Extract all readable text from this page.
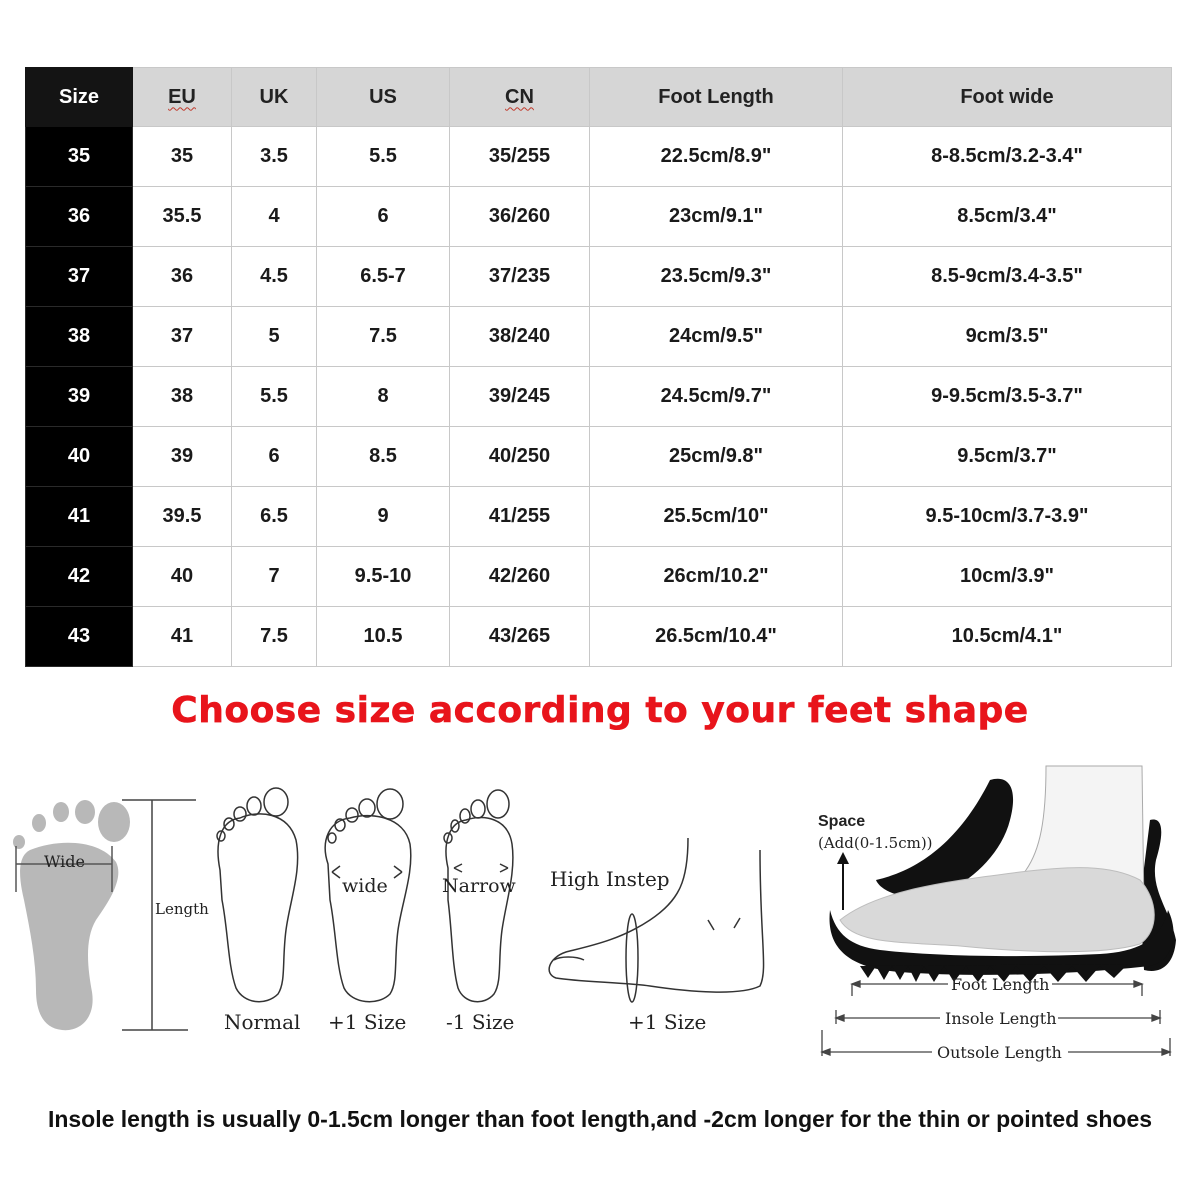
Size	EU	UK	US	CN	Foot Length	Foot wide
35	35	3.5	5.5	35/255	22.5cm/8.9"	8-8.5cm/3.2-3.4"
36	35.5	4	6	36/260	23cm/9.1"	8.5cm/3.4"
37	36	4.5	6.5-7	37/235	23.5cm/9.3"	8.5-9cm/3.4-3.5"
38	37	5	7.5	38/240	24cm/9.5"	9cm/3.5"
39	38	5.5	8	39/245	24.5cm/9.7"	9-9.5cm/3.5-3.7"
40	39	6	8.5	40/250	25cm/9.8"	9.5cm/3.7"
41	39.5	6.5	9	41/255	25.5cm/10"	9.5-10cm/3.7-3.9"
42	40	7	9.5-10	42/260	26cm/10.2"	10cm/3.9"
43	41	7.5	10.5	43/265	26.5cm/10.4"	10.5cm/4.1"
Choose size according to your feet shape
Wide
Length
wide	Narrow High Instep
Normal +1 Size -1 Size	+1 Size
Space
(Add(0-1.5cm))
Foot Length
Insole Length
Outsole Length
Insole length is usually 0-1.5cm longer than foot length,and -2cm longer for the thin or pointed shoes
